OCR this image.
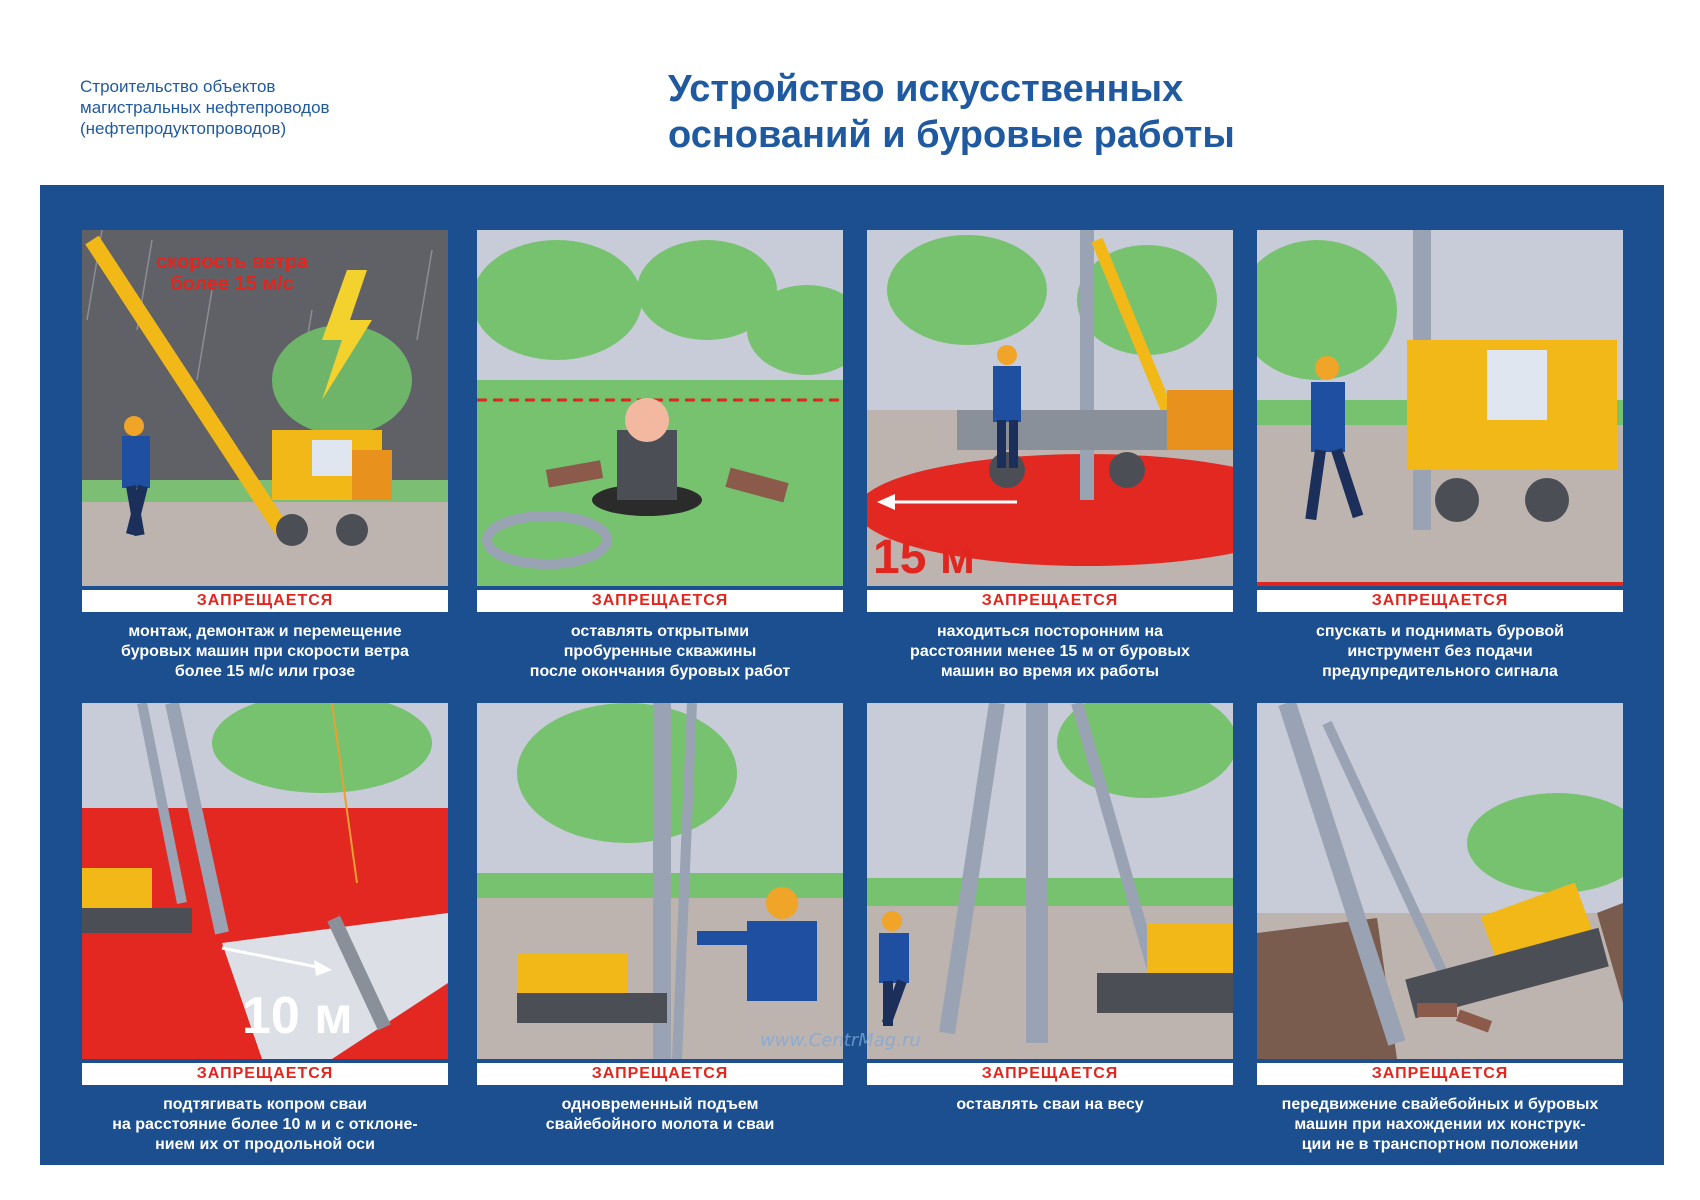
Строительство объектов
магистральных нефтепроводов
(нефтепродуктопроводов)
Устройство искусственных
оснований и буровые работы
скорость ветра
более 15 м/с
ЗАПРЕЩАЕТСЯ
монтаж, демонтаж и перемещение
буровых машин при скорости ветра
более 15 м/с или грозе
ЗАПРЕЩАЕТСЯ
оставлять открытыми
пробуренные скважины
после окончания буровых работ
15 м
ЗАПРЕЩАЕТСЯ
находиться посторонним на
расстоянии менее 15 м от буровых
машин во время их работы
ЗАПРЕЩАЕТСЯ
спускать и поднимать буровой
инструмент без подачи
предупредительного сигнала
10 м
ЗАПРЕЩАЕТСЯ
подтягивать копром сваи
на расстояние более 10 м и с отклоне-
нием их от продольной оси
ЗАПРЕЩАЕТСЯ
одновременный подъем
свайебойного молота и сваи
ЗАПРЕЩАЕТСЯ
оставлять сваи на весу
ЗАПРЕЩАЕТСЯ
передвижение свайебойных и буровых
машин при нахождении их конструк-
ции не в транспортном положении
www.CentrMag.ru
